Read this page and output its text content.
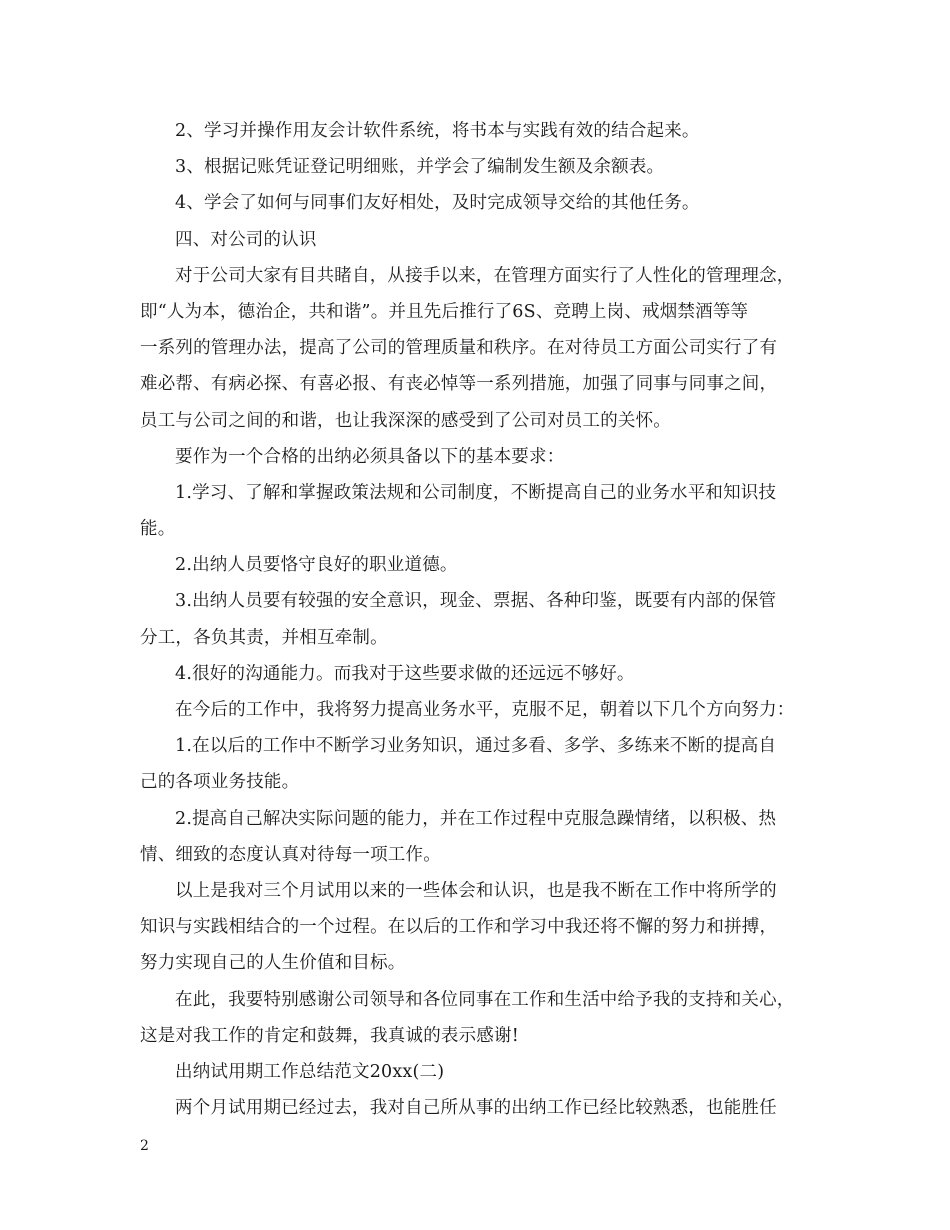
2、学习并操作用友会计软件系统，将书本与实践有效的结合起来。
3、根据记账凭证登记明细账，并学会了编制发生额及余额表。
4、学会了如何与同事们友好相处，及时完成领导交给的其他任务。
四、对公司的认识
对于公司大家有目共睹自，从接手以来，在管理方面实行了人性化的管理理念，
即“人为本，德治企，共和谐”。并且先后推行了6S、竞聘上岗、戒烟禁酒等等
一系列的管理办法，提高了公司的管理质量和秩序。在对待员工方面公司实行了有
难必帮、有病必探、有喜必报、有丧必悼等一系列措施，加强了同事与同事之间，
员工与公司之间的和谐，也让我深深的感受到了公司对员工的关怀。
要作为一个合格的出纳必须具备以下的基本要求：
1.学习、了解和掌握政策法规和公司制度，不断提高自己的业务水平和知识技
能。
2.出纳人员要恪守良好的职业道德。
3.出纳人员要有较强的安全意识，现金、票据、各种印鉴，既要有内部的保管
分工，各负其责，并相互牵制。
4.很好的沟通能力。而我对于这些要求做的还远远不够好。
在今后的工作中，我将努力提高业务水平，克服不足，朝着以下几个方向努力：
1.在以后的工作中不断学习业务知识，通过多看、多学、多练来不断的提高自
己的各项业务技能。
2.提高自己解决实际问题的能力，并在工作过程中克服急躁情绪，以积极、热
情、细致的态度认真对待每一项工作。
以上是我对三个月试用以来的一些体会和认识，也是我不断在工作中将所学的
知识与实践相结合的一个过程。在以后的工作和学习中我还将不懈的努力和拼搏，
努力实现自己的人生价值和目标。
在此，我要特别感谢公司领导和各位同事在工作和生活中给予我的支持和关心，
这是对我工作的肯定和鼓舞，我真诚的表示感谢!
出纳试用期工作总结范文20xx(二)
两个月试用期已经过去，我对自己所从事的出纳工作已经比较熟悉，也能胜任
2
